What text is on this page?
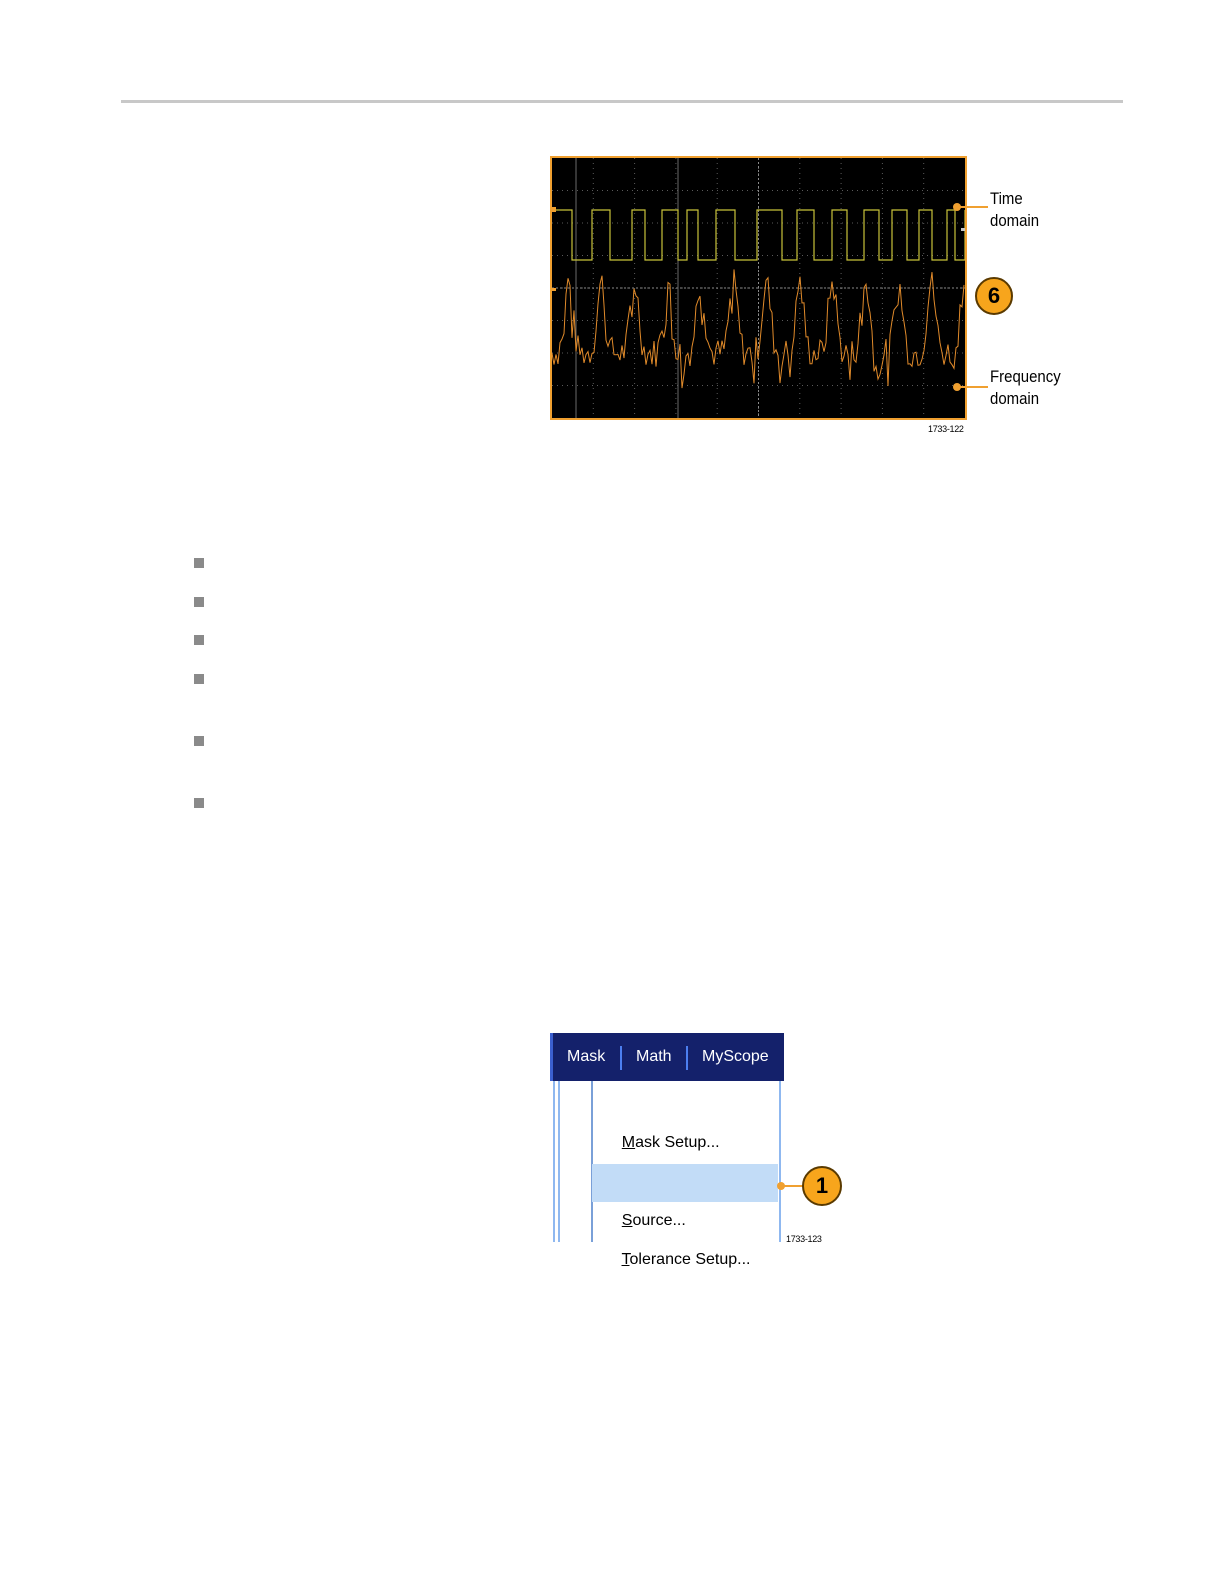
Time
domain
6
Frequency
domain
1733-122
Mask Math MyScope

Mask Setup...

Source...

Tolerance Setup...

1
1733-123
